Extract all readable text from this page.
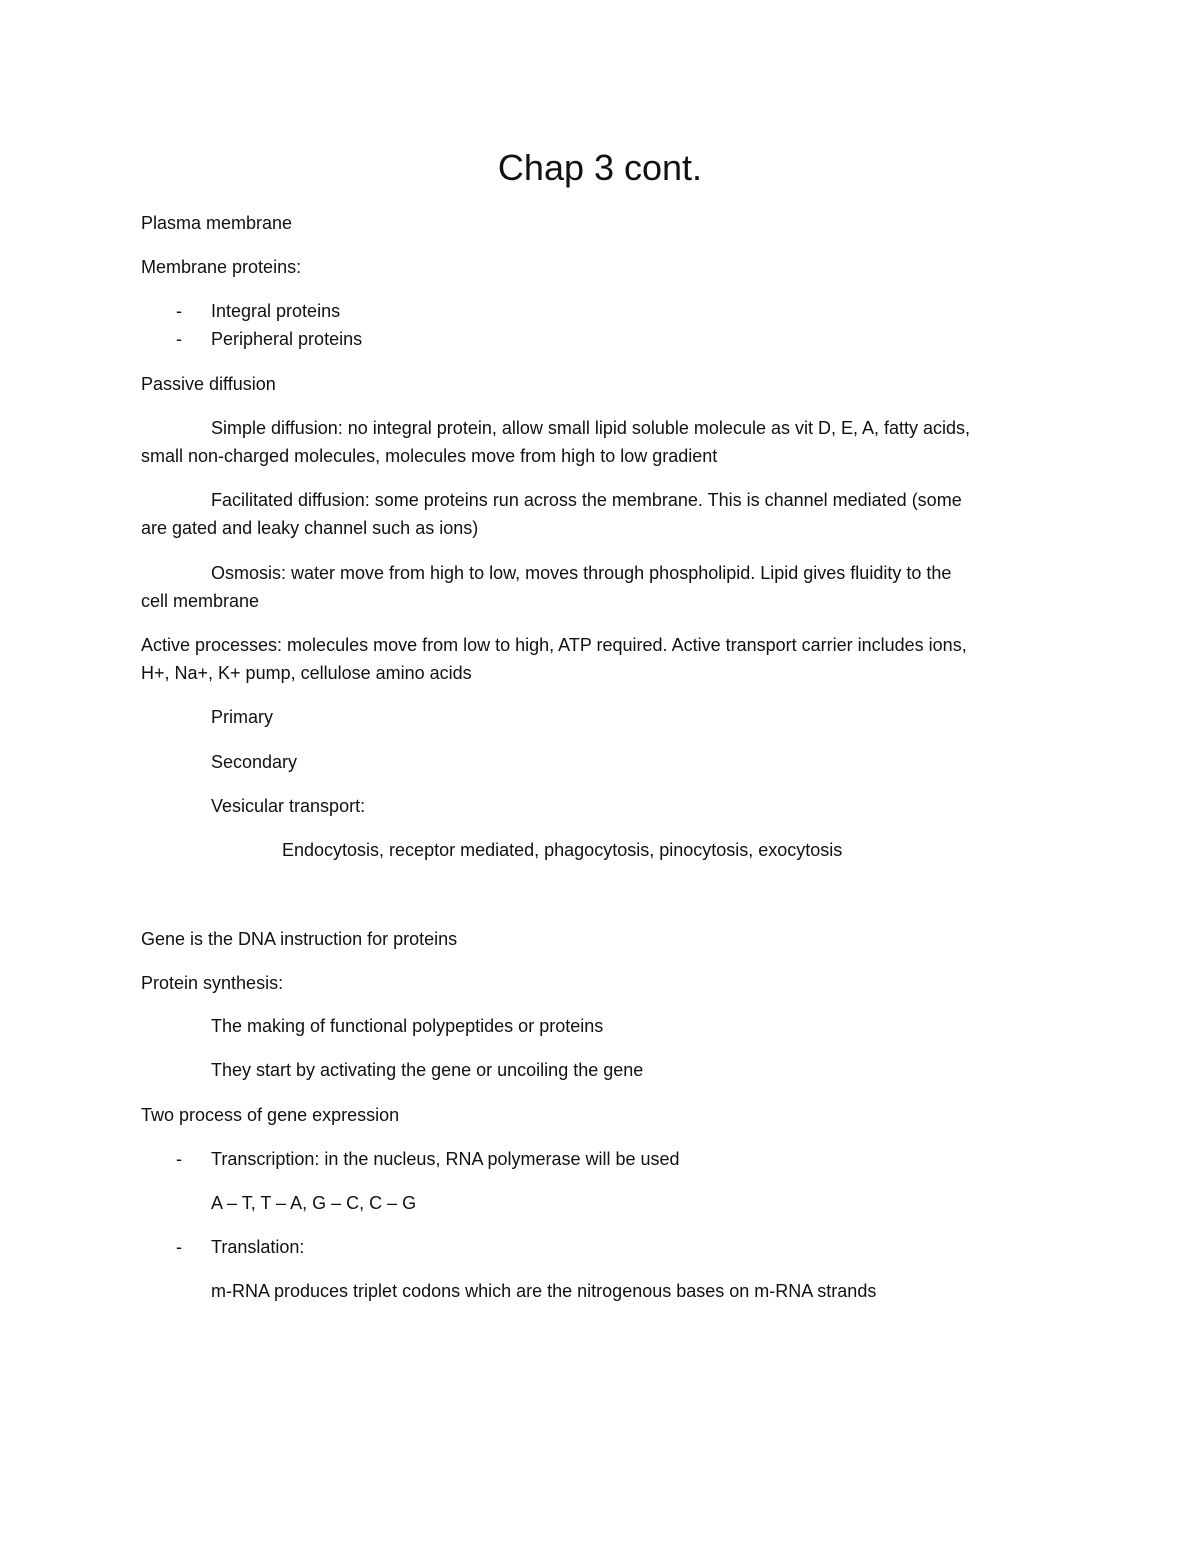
Chap 3 cont.
Plasma membrane
Membrane proteins:
- Integral proteins
- Peripheral proteins
Passive diffusion
Simple diffusion: no integral protein, allow small lipid soluble molecule as vit D, E, A, fatty acids,
small non-charged molecules, molecules move from high to low gradient
Facilitated diffusion: some proteins run across the membrane. This is channel mediated (some
are gated and leaky channel such as ions)
Osmosis: water move from high to low, moves through phospholipid. Lipid gives fluidity to the
cell membrane
Active processes: molecules move from low to high, ATP required. Active transport carrier includes ions,
H+, Na+, K+ pump, cellulose amino acids
Primary
Secondary
Vesicular transport:
Endocytosis, receptor mediated, phagocytosis, pinocytosis, exocytosis
Gene is the DNA instruction for proteins
Protein synthesis:
The making of functional polypeptides or proteins
They start by activating the gene or uncoiling the gene
Two process of gene expression
- Transcription: in the nucleus, RNA polymerase will be used
A – T, T – A, G – C, C – G
- Translation:
m-RNA produces triplet codons which are the nitrogenous bases on m-RNA strands
